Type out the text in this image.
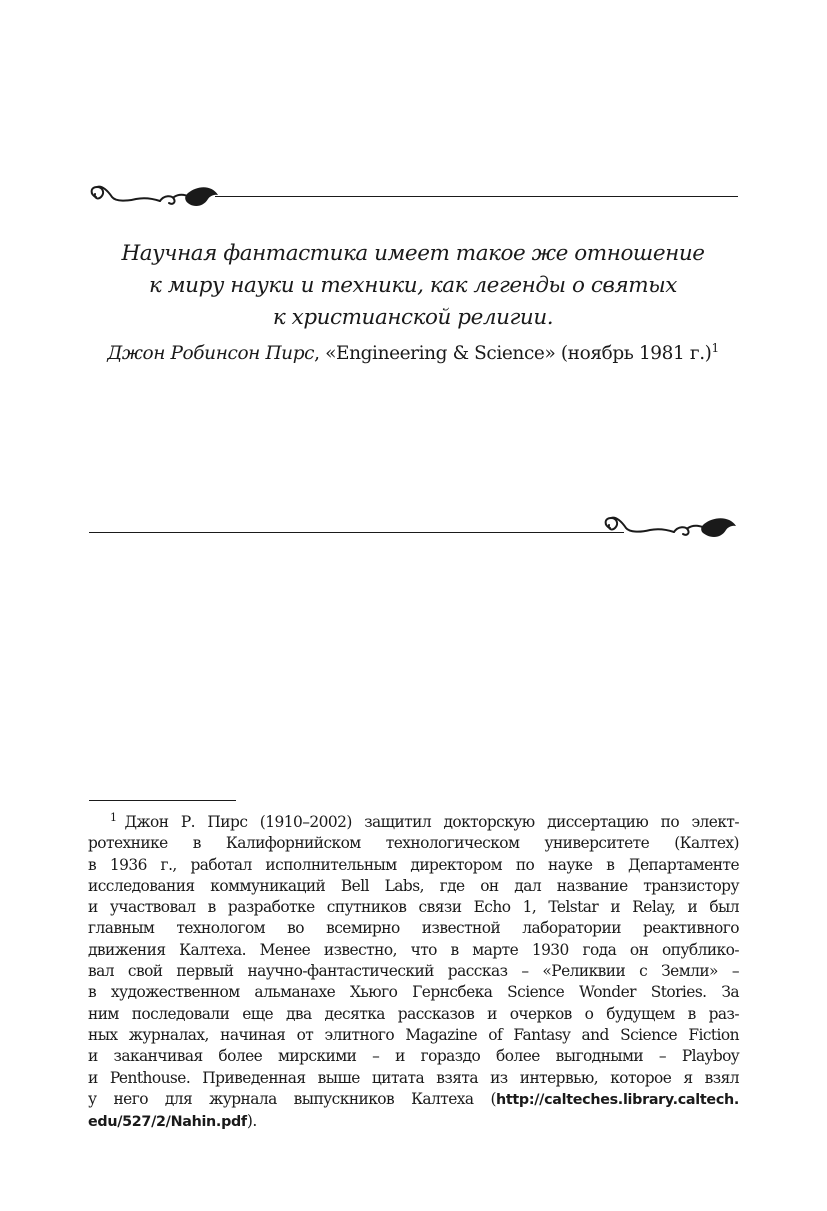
Научная фантастика имеет такое же отношение
к миру науки и техники, как легенды о святых
к христианской религии.
Джон Робинсон Пирс, «Engineering & Science» (ноябрь 1981 г.)$^1$
$^1$ Джон Р. Пирс (1910–2002) защитил докторскую диссертацию по элект-
ротехнике в Калифорнийском технологическом университете (Калтех)
в 1936 г., работал исполнительным директором по науке в Департаменте
исследования коммуникаций Bell Labs, где он дал название транзистору
и участвовал в разработке спутников связи Echo 1, Telstar и Relay, и был
главным технологом во всемирно известной лаборатории реактивного
движения Калтеха. Менее известно, что в марте 1930 года он опублико-
вал свой первый научно-фантастический рассказ – «Реликвии с Земли» –
в художественном альманахе Хьюго Гернсбека Science Wonder Stories. За
ним последовали еще два десятка рассказов и очерков о будущем в раз-
ных журналах, начиная от элитного Magazine of Fantasy and Science Fiction
и заканчивая более мирскими – и гораздо более выгодными – Playboy
и Penthouse. Приведенная выше цитата взята из интервью, которое я взял
у него для журнала выпускников Калтеха (http://calteches.library.caltech.
edu/527/2/Nahin.pdf).
